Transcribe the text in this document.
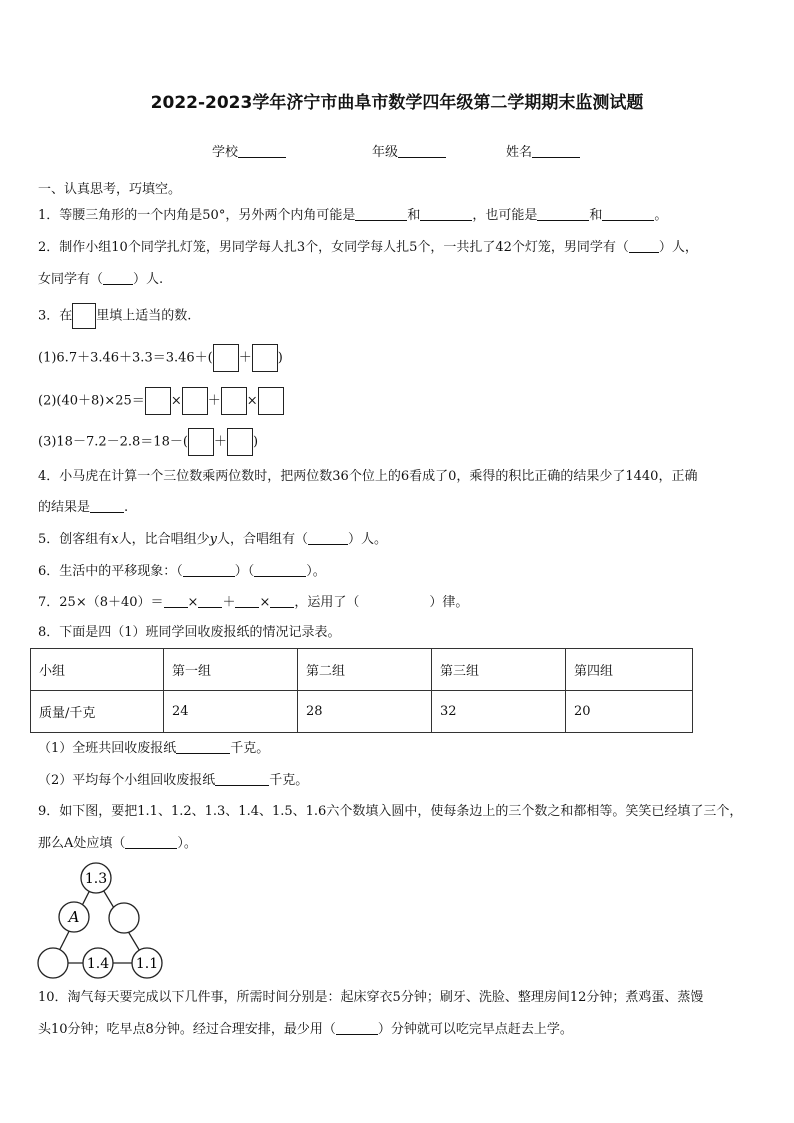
2022-2023学年济宁市曲阜市数学四年级第二学期期末监测试题
学校	年级	姓名
一、认真思考，巧填空。
1．等腰三角形的一个内角是50°，另外两个内角可能是	和	，也可能是	和	。
2．制作小组10个同学扎灯笼，男同学每人扎3个，女同学每人扎5个，一共扎了42个灯笼，男同学有（ ）人，
女同学有（ ）人.
3．在 里填上适当的数.
(1)6.7＋3.46＋3.3＝3.46＋( ＋ )
(2)(40＋8)×25＝ × ＋ ×
(3)18－7.2－2.8＝18－( ＋ )
4．小马虎在计算一个三位数乘两位数时，把两位数36个位上的6看成了0，乘得的积比正确的结果少了1440，正确
的结果是	.
5．创客组有x人，比合唱组少y人，合唱组有（	）人。
6．生活中的平移现象：（	）（	）。
7．25×（8＋40）＝ × ＋ × ，运用了（	）律。
8．下面是四（1）班同学回收废报纸的情况记录表。
小组	第一组	第二组	第三组	第四组
质量/千克	24	28	32	20
（1）全班共回收废报纸	千克。
（2）平均每个小组回收废报纸	千克。
9．如下图，要把1.1、1.2、1.3、1.4、1.5、1.6六个数填入圆中，使每条边上的三个数之和都相等。笑笑已经填了三个，
那么A处应填（	）。
1.3
A
1.4 1.1
10．淘气每天要完成以下几件事，所需时间分别是：起床穿衣5分钟；刷牙、洗脸、整理房间12分钟；煮鸡蛋、蒸馒
头10分钟；吃早点8分钟。经过合理安排，最少用（	）分钟就可以吃完早点赶去上学。
